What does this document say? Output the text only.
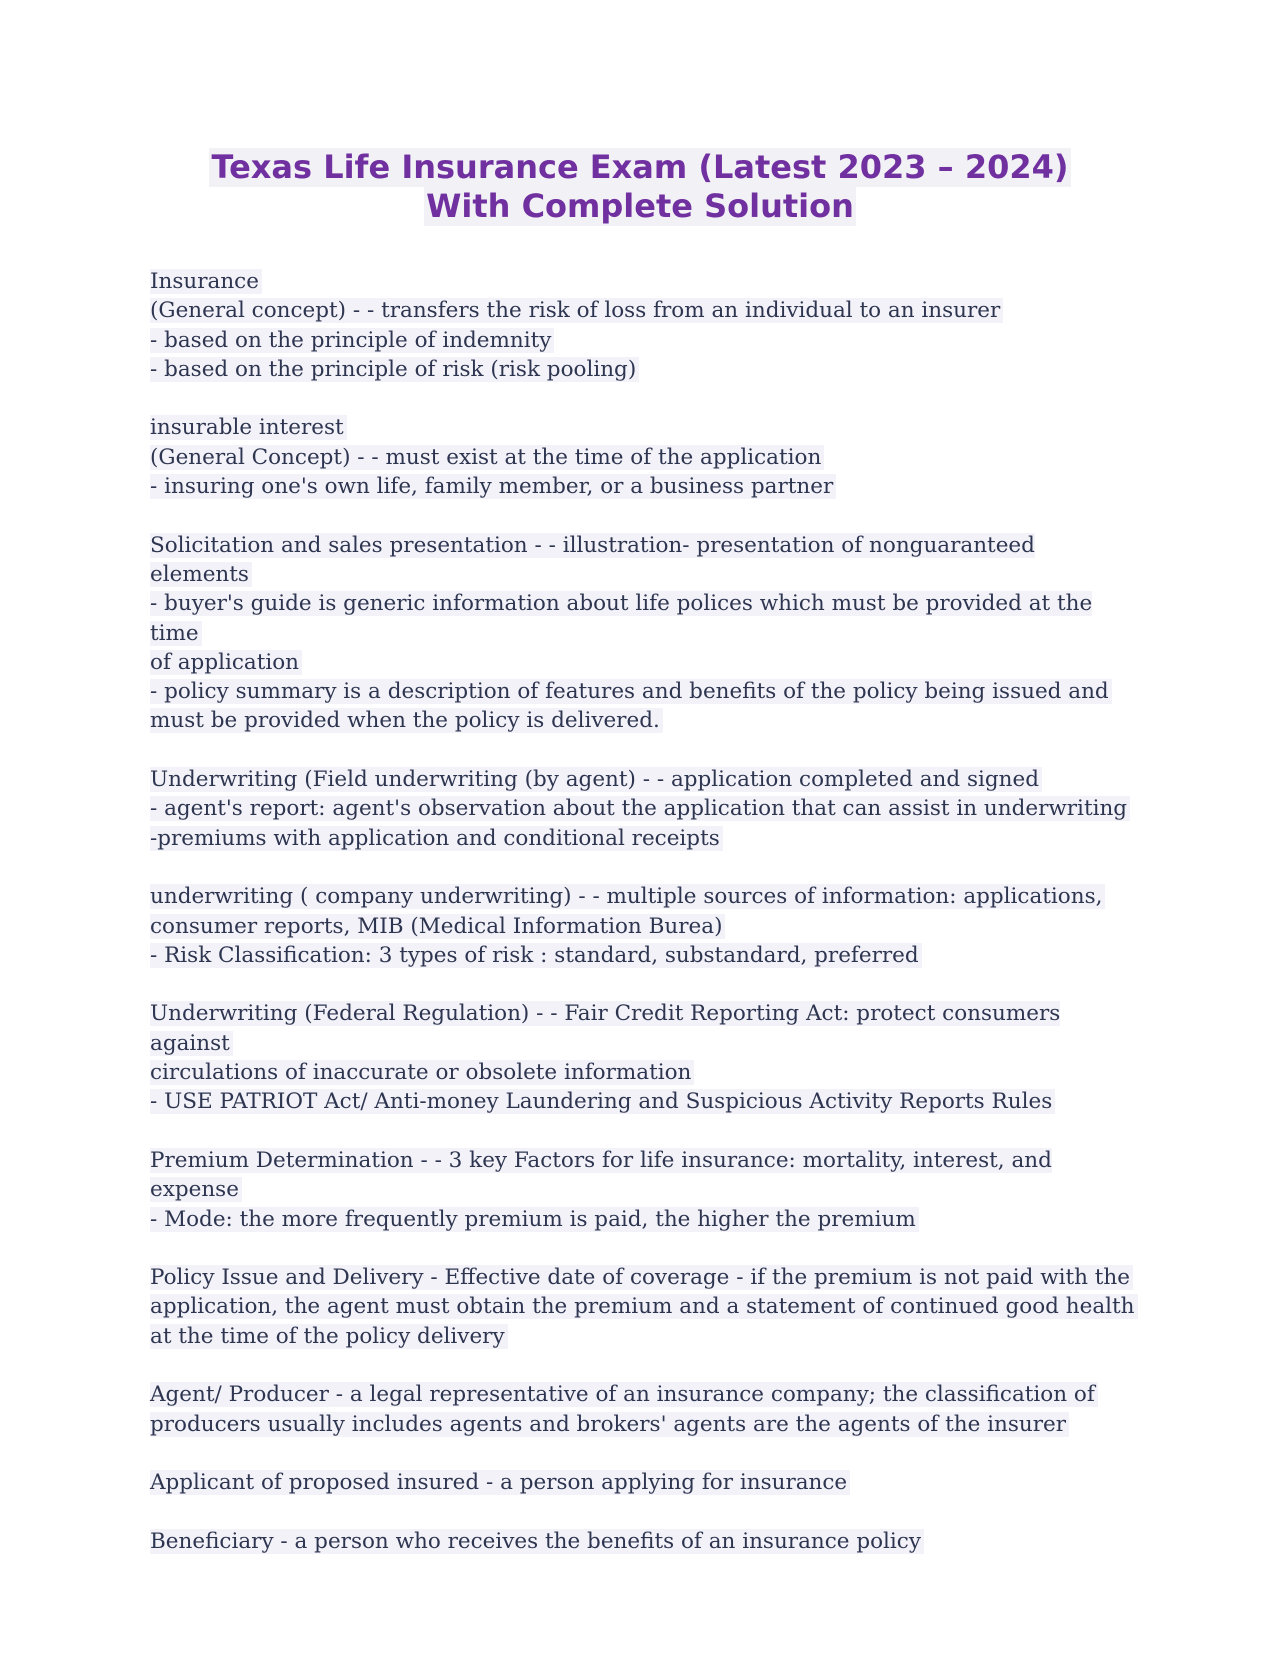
Texas Life Insurance Exam (Latest 2023 – 2024)
With Complete Solution
Insurance
(General concept) - - transfers the risk of loss from an individual to an insurer
- based on the principle of indemnity
- based on the principle of risk (risk pooling)
insurable interest
(General Concept) - - must exist at the time of the application
- insuring one's own life, family member, or a business partner
Solicitation and sales presentation - - illustration- presentation of nonguaranteed elements
- buyer's guide is generic information about life polices which must be provided at the time
of application
- policy summary is a description of features and benefits of the policy being issued and
must be provided when the policy is delivered.
Underwriting (Field underwriting (by agent) - - application completed and signed
- agent's report: agent's observation about the application that can assist in underwriting
-premiums with application and conditional receipts
underwriting ( company underwriting) - - multiple sources of information: applications,
consumer reports, MIB (Medical Information Burea)
- Risk Classification: 3 types of risk : standard, substandard, preferred
Underwriting (Federal Regulation) - - Fair Credit Reporting Act: protect consumers against
circulations of inaccurate or obsolete information
- USE PATRIOT Act/ Anti-money Laundering and Suspicious Activity Reports Rules
Premium Determination - - 3 key Factors for life insurance: mortality, interest, and expense
- Mode: the more frequently premium is paid, the higher the premium
Policy Issue and Delivery - Effective date of coverage - if the premium is not paid with the
application, the agent must obtain the premium and a statement of continued good health
at the time of the policy delivery
Agent/ Producer - a legal representative of an insurance company; the classification of
producers usually includes agents and brokers' agents are the agents of the insurer
Applicant of proposed insured - a person applying for insurance
Beneficiary - a person who receives the benefits of an insurance policy
